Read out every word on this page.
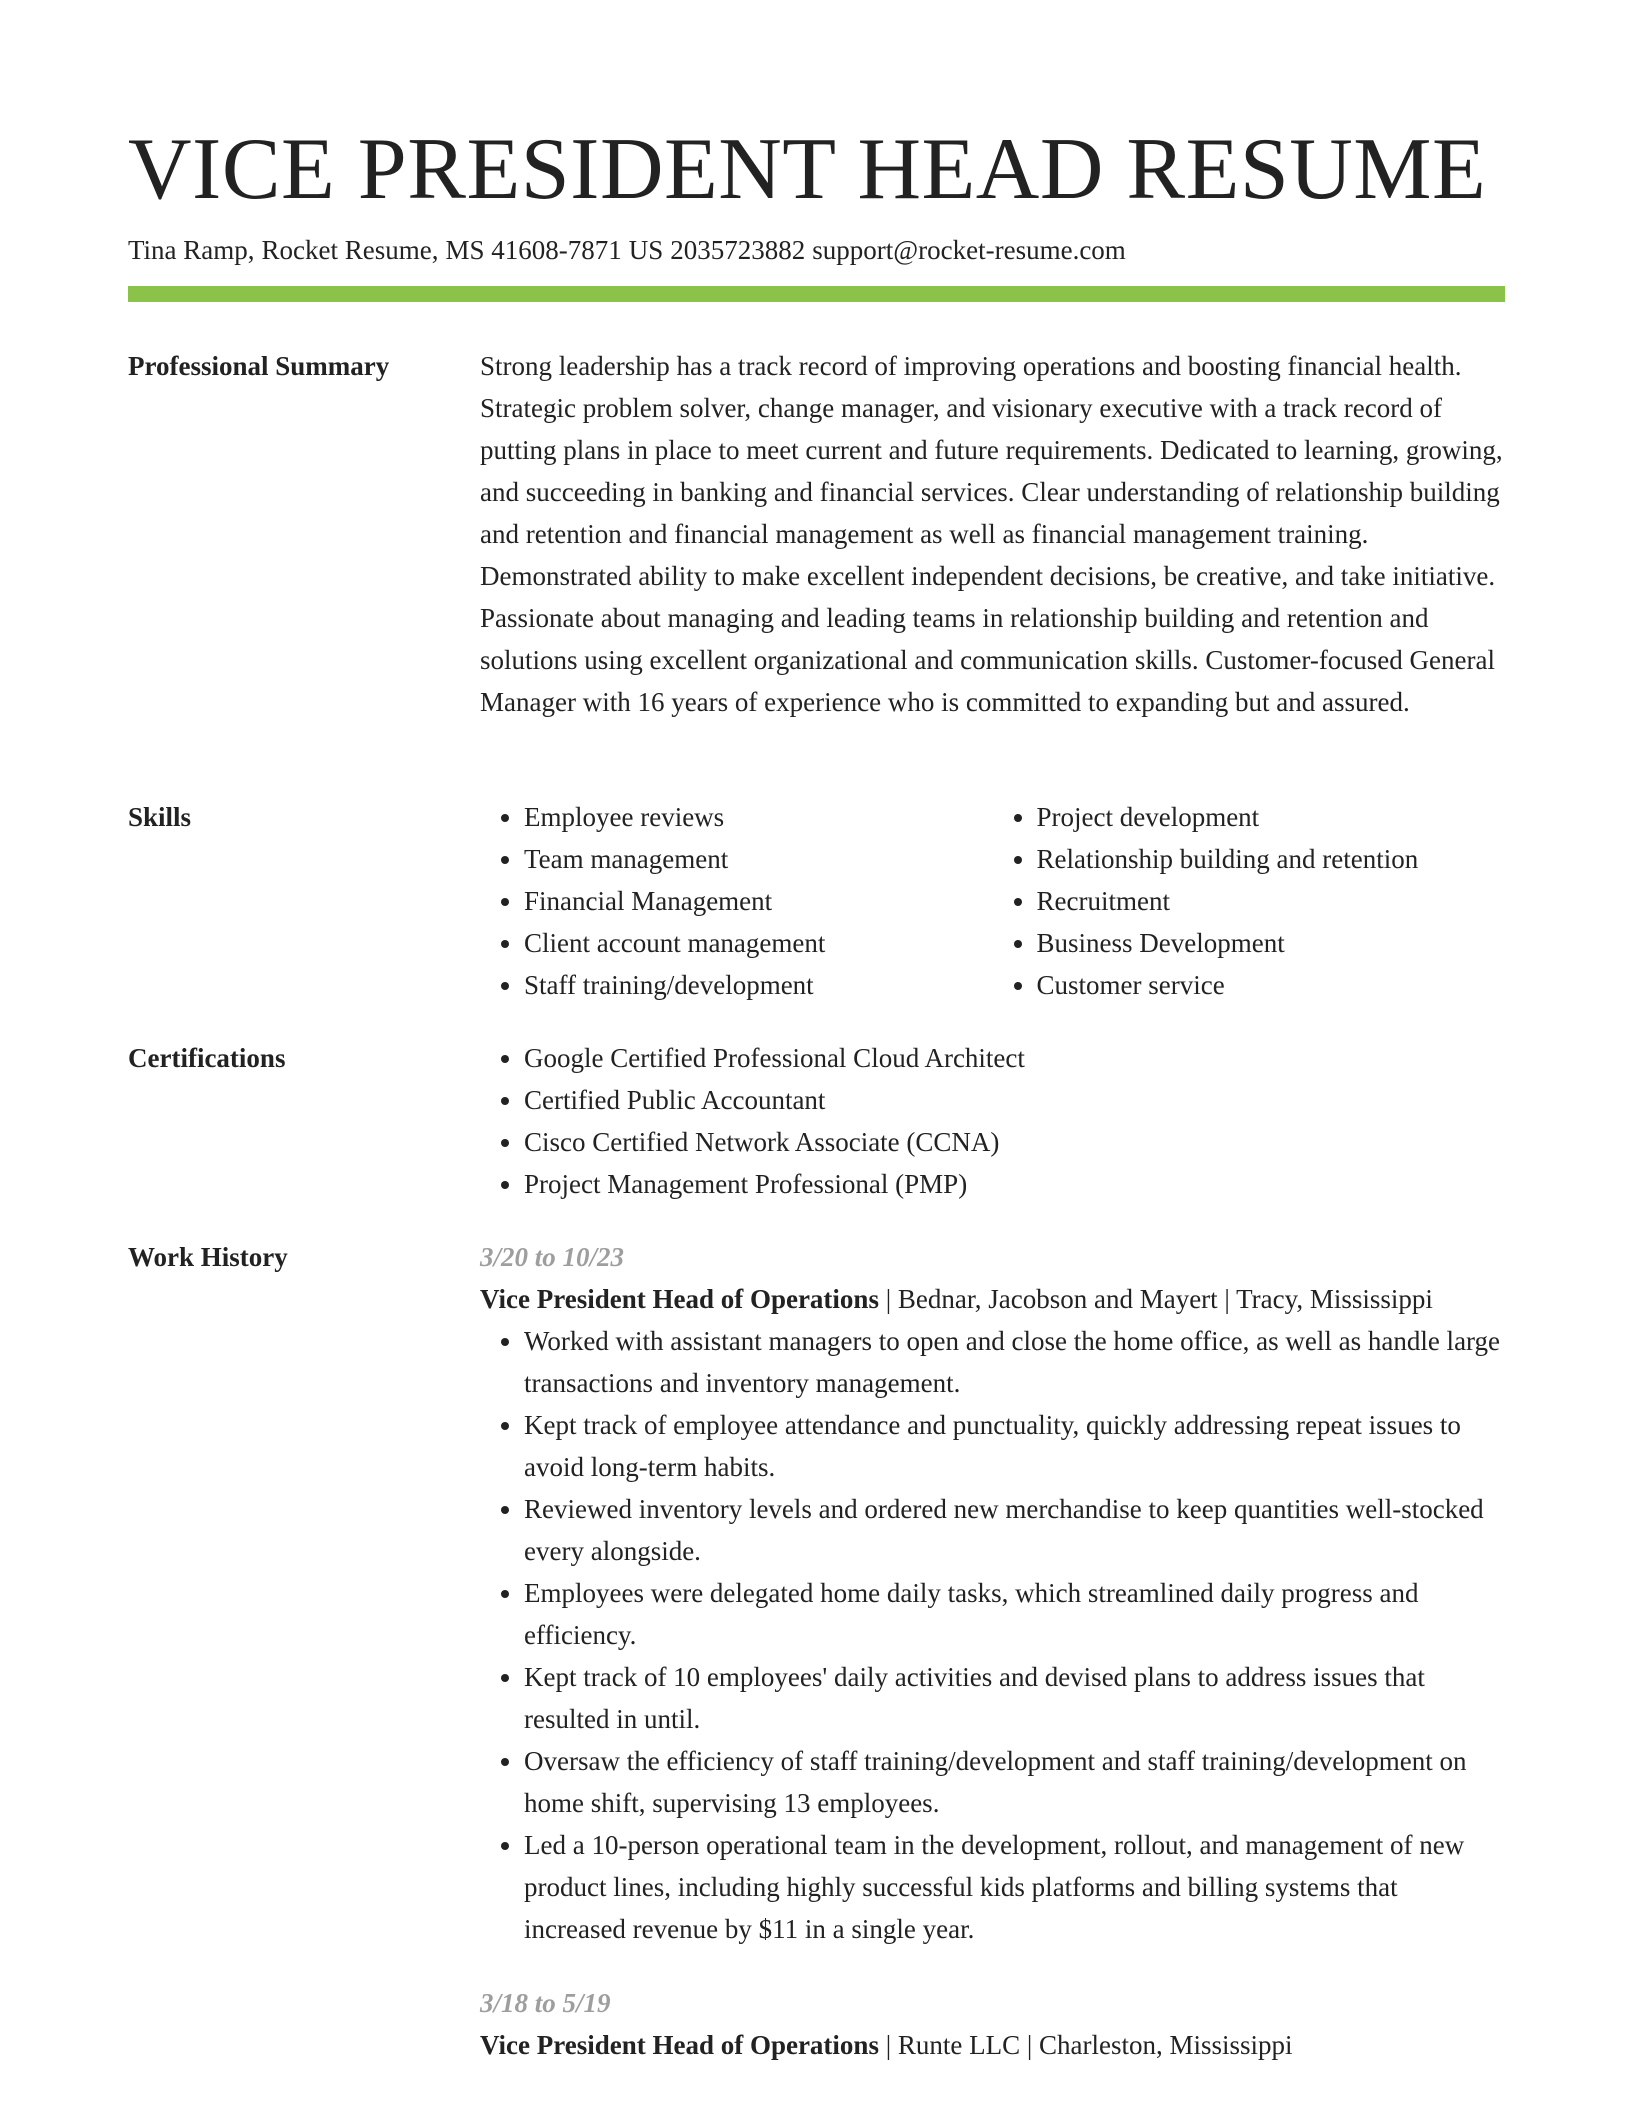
VICE PRESIDENT HEAD RESUME
Tina Ramp, Rocket Resume, MS 41608-7871 US 2035723882 support@rocket-resume.com
Professional Summary	Strong leadership has a track record of improving operations and boosting financial health. Strategic problem solver, change manager, and visionary executive with a track record of putting plans in place to meet current and future requirements. Dedicated to learning, growing, and succeeding in banking and financial services. Clear understanding of relationship building and retention and financial management as well as financial management training. Demonstrated ability to make excellent independent decisions, be creative, and take initiative. Passionate about managing and leading teams in relationship building and retention and solutions using excellent organizational and communication skills. Customer-focused General Manager with 16 years of experience who is committed to expanding but and assured.

Skills	• Employee reviews
• Team management
• Financial Management
• Client account management
• Staff training/development
• Project development
• Relationship building and retention
• Recruitment
• Business Development
• Customer service
Certifications	• Google Certified Professional Cloud Architect
• Certified Public Accountant
• Cisco Certified Network Associate (CCNA)
• Project Management Professional (PMP)
Work History	3/20 to 10/23
Vice President Head of Operations | Bednar, Jacobson and Mayert | Tracy, Mississippi
• Worked with assistant managers to open and close the home office, as well as handle large transactions and inventory management.
• Kept track of employee attendance and punctuality, quickly addressing repeat issues to avoid long-term habits.
• Reviewed inventory levels and ordered new merchandise to keep quantities well-stocked every alongside.
• Employees were delegated home daily tasks, which streamlined daily progress and efficiency.
• Kept track of 10 employees' daily activities and devised plans to address issues that resulted in until.
• Oversaw the efficiency of staff training/development and staff training/development on home shift, supervising 13 employees.
• Led a 10-person operational team in the development, rollout, and management of new product lines, including highly successful kids platforms and billing systems that increased revenue by $11 in a single year.
3/18 to 5/19
Vice President Head of Operations | Runte LLC | Charleston, Mississippi
